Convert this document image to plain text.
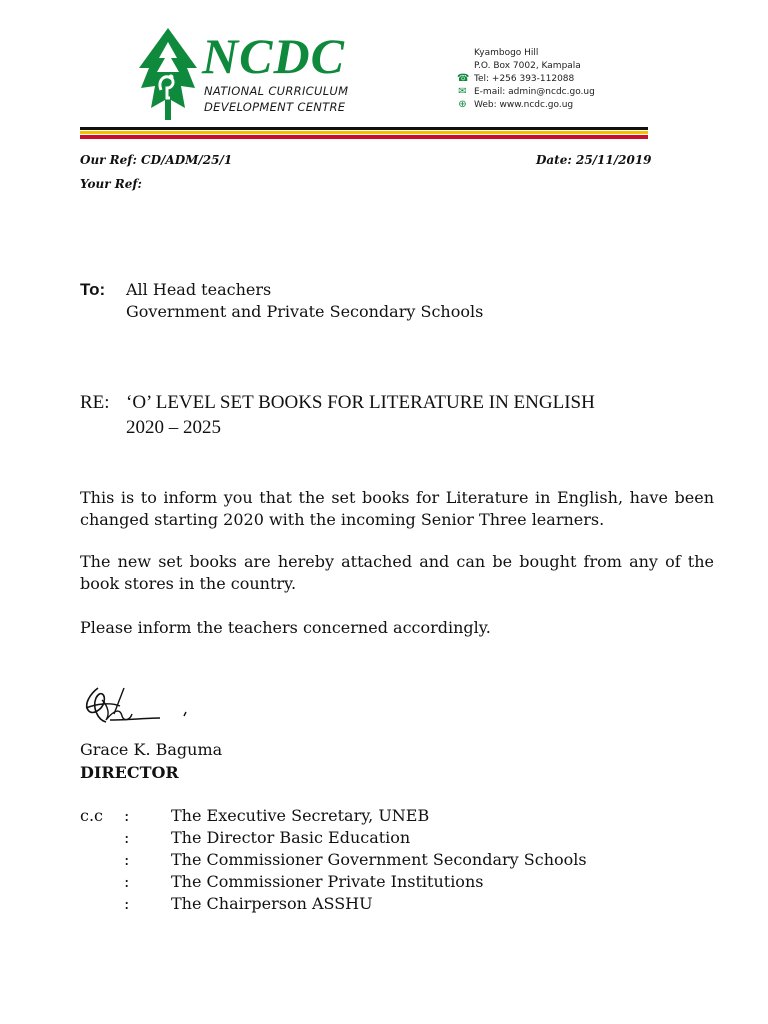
NCDC
NATIONAL CURRICULUM
DEVELOPMENT CENTRE
Kyambogo Hill
P.O. Box 7002, Kampala
☎ Tel: +256 393-112088
✉ E-mail: admin@ncdc.go.ug
⊕ Web: www.ncdc.go.ug
Our Ref: CD/ADM/25/1	Date: 25/11/2019
Your Ref:
To: All Head teachers
Government and Private Secondary Schools
RE: ‘O’ LEVEL SET BOOKS FOR LITERATURE IN ENGLISH
2020 – 2025
This is to inform you that the set books for Literature in English, have been changed starting 2020 with the incoming Senior Three learners.
The new set books are hereby attached and can be bought from any of the book stores in the country.
Please inform the teachers concerned accordingly.
Grace K. Baguma
DIRECTOR
c.c :	The Executive Secretary, UNEB
:	The Director Basic Education
:	The Commissioner Government Secondary Schools
:	The Commissioner Private Institutions
:	The Chairperson ASSHU
